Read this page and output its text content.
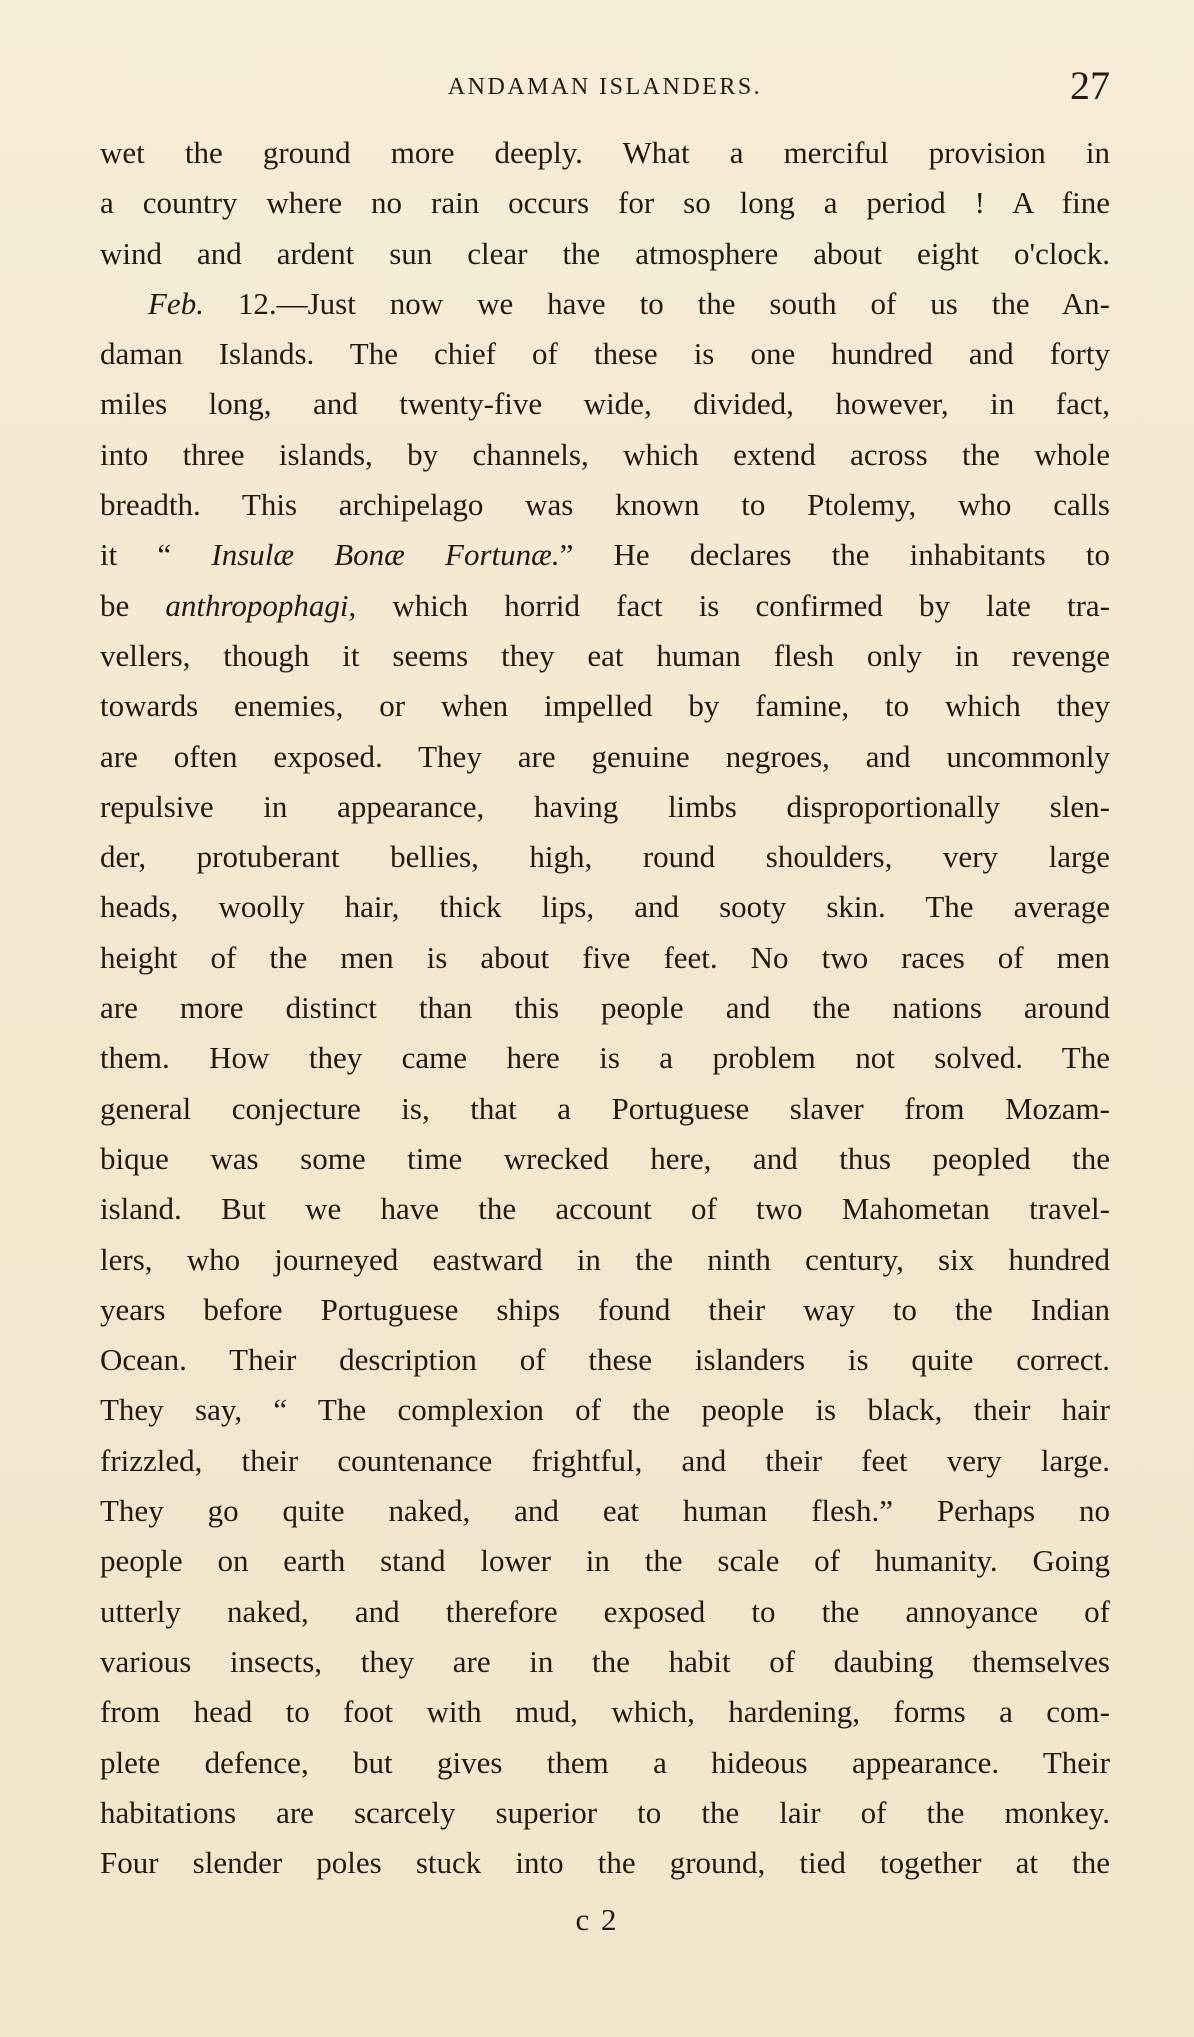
ANDAMAN ISLANDERS.	27
wet the ground more deeply. What a merciful provision in
a country where no rain occurs for so long a period ! A fine
wind and ardent sun clear the atmosphere about eight o'clock.
Feb. 12.—Just now we have to the south of us the An-
daman Islands. The chief of these is one hundred and forty
miles long, and twenty-five wide, divided, however, in fact,
into three islands, by channels, which extend across the whole
breadth. This archipelago was known to Ptolemy, who calls
it “ Insulæ Bonæ Fortunæ.” He declares the inhabitants to
be anthropophagi, which horrid fact is confirmed by late tra-
vellers, though it seems they eat human flesh only in revenge
towards enemies, or when impelled by famine, to which they
are often exposed. They are genuine negroes, and uncommonly
repulsive in appearance, having limbs disproportionally slen-
der, protuberant bellies, high, round shoulders, very large
heads, woolly hair, thick lips, and sooty skin. The average
height of the men is about five feet. No two races of men
are more distinct than this people and the nations around
them. How they came here is a problem not solved. The
general conjecture is, that a Portuguese slaver from Mozam-
bique was some time wrecked here, and thus peopled the
island. But we have the account of two Mahometan travel-
lers, who journeyed eastward in the ninth century, six hundred
years before Portuguese ships found their way to the Indian
Ocean. Their description of these islanders is quite correct.
They say, “ The complexion of the people is black, their hair
frizzled, their countenance frightful, and their feet very large.
They go quite naked, and eat human flesh.” Perhaps no
people on earth stand lower in the scale of humanity. Going
utterly naked, and therefore exposed to the annoyance of
various insects, they are in the habit of daubing themselves
from head to foot with mud, which, hardening, forms a com-
plete defence, but gives them a hideous appearance. Their
habitations are scarcely superior to the lair of the monkey.
Four slender poles stuck into the ground, tied together at the
c 2
